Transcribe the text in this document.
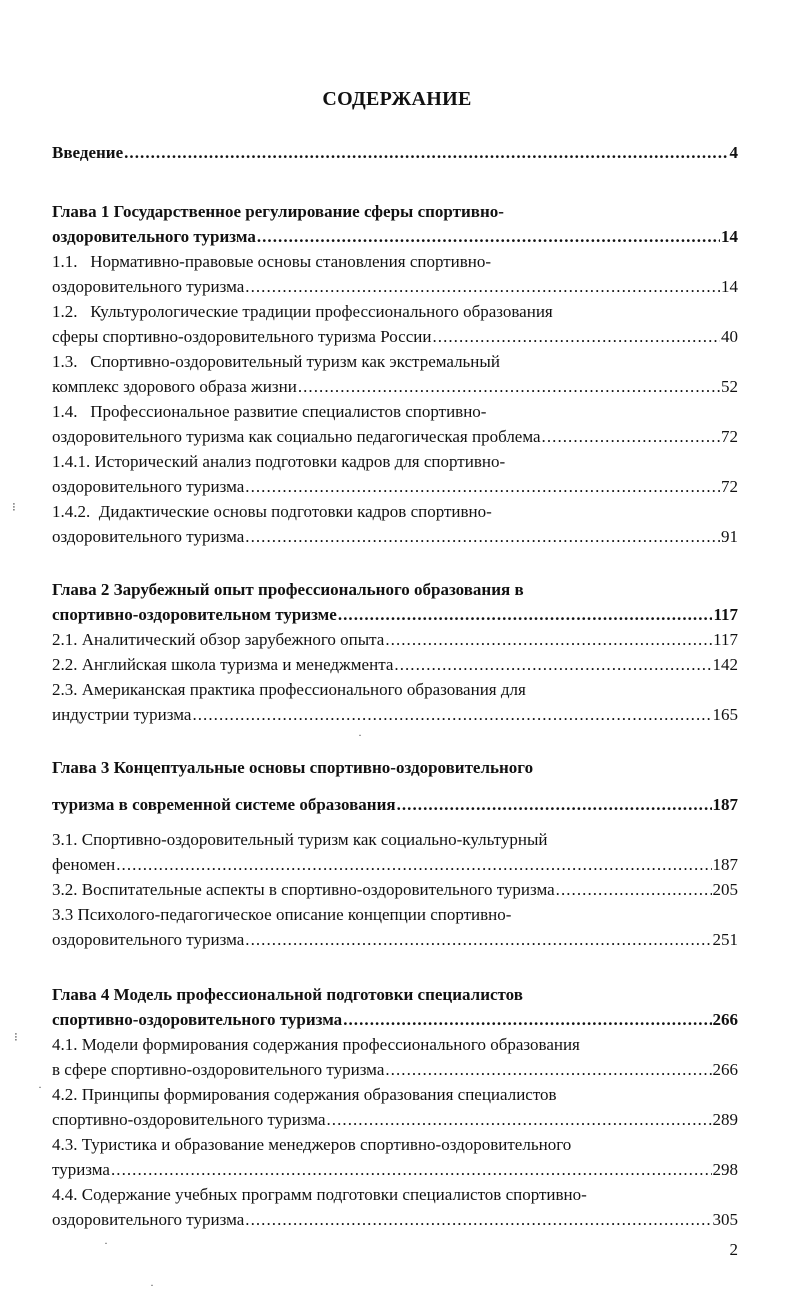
СОДЕРЖАНИЕ
Введение . . .	4
Глава 1 Государственное регулирование сферы спортивно-
оздоровительного туризма . . .	14
1.1.   Нормативно-правовые основы становления спортивно-
оздоровительного туризма . . .	14
1.2.   Культурологические традиции профессионального образования
сферы спортивно-оздоровительного туризма России . . .	40
1.3.   Спортивно-оздоровительный туризм как экстремальный
комплекс здорового образа жизни . . .	52
1.4.   Профессиональное развитие специалистов спортивно-
оздоровительного туризма как социально педагогическая проблема . . .	72
1.4.1. Исторический анализ подготовки кадров для спортивно-
оздоровительного туризма . . .	72
1.4.2.  Дидактические основы подготовки кадров спортивно-
оздоровительного туризма . . .	91
Глава 2 Зарубежный опыт профессионального образования в
спортивно-оздоровительном туризме . . .	117
2.1. Аналитический обзор зарубежного опыта . . .	117
2.2. Английская школа туризма и менеджмента . . .	142
2.3. Американская практика профессионального образования для
индустрии туризма . . .	165
Глава 3 Концептуальные основы спортивно-оздоровительного
туризма в современной системе образования . . .	187
3.1. Спортивно-оздоровительный туризм как социально-культурный
феномен . . .	187
3.2. Воспитательные аспекты в спортивно-оздоровительного туризма . . .	205
3.3 Психолого-педагогическое описание концепции спортивно-
оздоровительного туризма . . .	251
Глава 4 Модель профессиональной подготовки специалистов
спортивно-оздоровительного туризма . . .	266
4.1. Модели формирования содержания профессионального образования
в сфере спортивно-оздоровительного туризма . . .	266
4.2. Принципы формирования содержания образования специалистов
спортивно-оздоровительного туризма . . .	289
4.3. Туристика и образование менеджеров спортивно-оздоровительного
туризма . . .	298
4.4. Содержание учебных программ подготовки специалистов спортивно-
оздоровительного туризма . . .	305
2
⁝
⁝
·
·
·
·
